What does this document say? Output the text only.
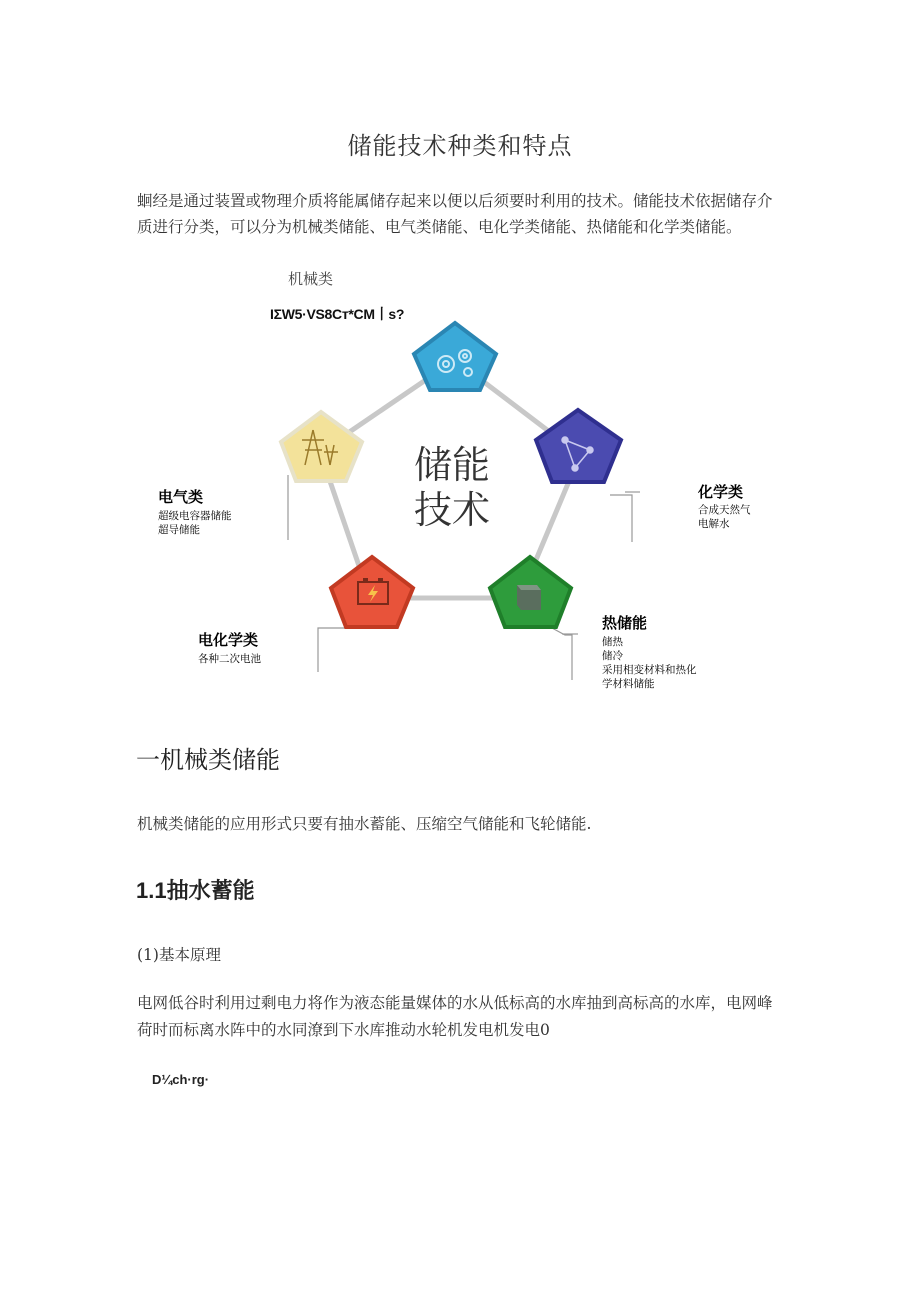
储能技术种类和特点
蛔经是通过装置或物理介质将能属储存起来以便以后须要时利用的技术。储能技术依据储存介质进行分类，可以分为机械类储能、电气类储能、电化学类储能、热储能和化学类储能。
机械类
IΣW5·VS8Cт*CM丨s?
储能
技术
电气类
超级电容器储能
超导储能
化学类
合成天然气
电解水
电化学类
各种二次电池
热储能
储热
储冷
采用相变材料和热化
学材料储能
一机械类储能
机械类储能的应用形式只要有抽水蓄能、压缩空气储能和飞轮储能.
1.1抽水蓄能
(1)基本原理
电网低谷时利用过剩电力将作为液态能量媒体的水从低标高的水库抽到高标高的水库，电网峰荷时而标离水阵中的水同潦到下水库推动水轮机发电机发电0
D¼ch·rg·
